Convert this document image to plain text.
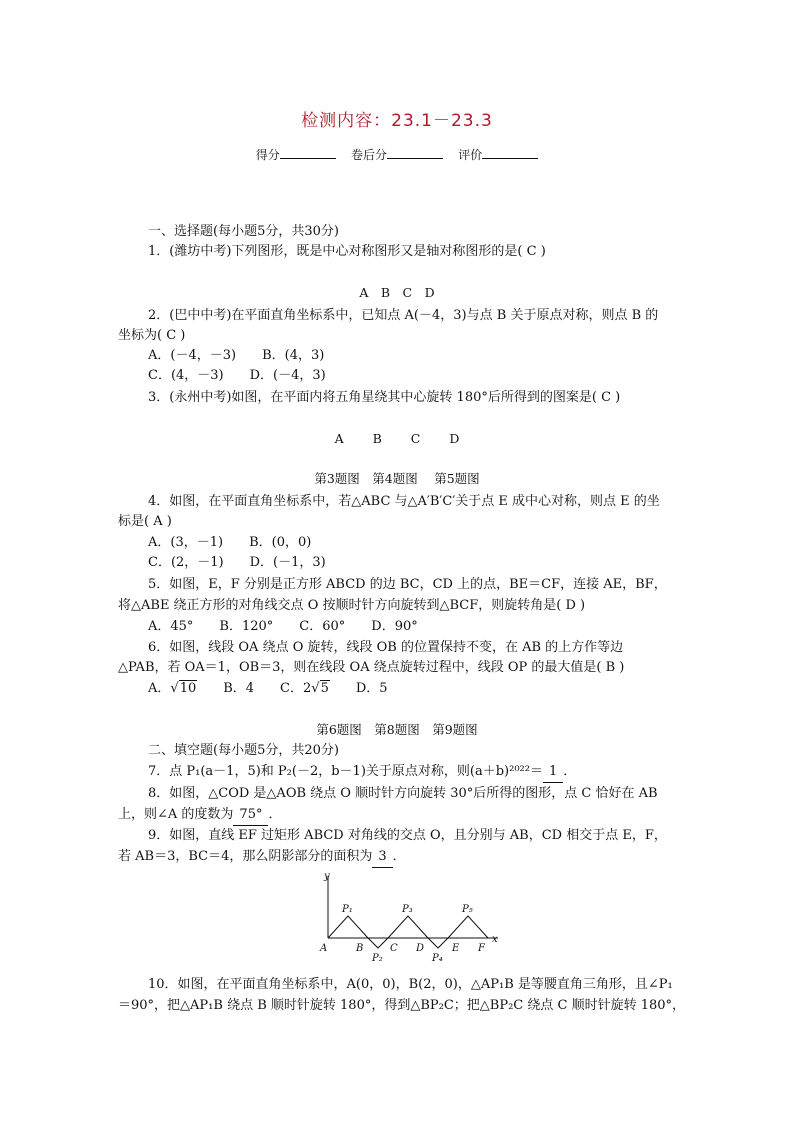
检测内容：23.1－23.3
得分	卷后分	评价
一、选择题(每小题5分，共30分)
1．(潍坊中考)下列图形，既是中心对称图形又是轴对称图形的是( C )
A　B　C　D
2．(巴中中考)在平面直角坐标系中，已知点 A(－4，3)与点 B 关于原点对称，则点 B 的
坐标为( C )
A．(－4，－3)　　B．(4，3)
C．(4，－3)　　D．(－4，3)
3．(永州中考)如图，在平面内将五角星绕其中心旋转 180°后所得到的图案是( C )
A　　 B　　 C　　 D
第3题图　第4题图　 第5题图
4．如图，在平面直角坐标系中，若△ABC 与△A′B′C′关于点 E 成中心对称，则点 E 的坐
标是( A )
A．(3，－1)　　B．(0，0)
C．(2，－1)　　D．(－1，3)
5．如图，E，F 分别是正方形 ABCD 的边 BC，CD 上的点，BE＝CF，连接 AE，BF，
将△ABE 绕正方形的对角线交点 O 按顺时针方向旋转到△BCF，则旋转角是( D )
A．45°　　B．120°　　C．60°　　D．90°
6．如图，线段 OA 绕点 O 旋转，线段 OB 的位置保持不变，在 AB 的上方作等边
△PAB，若 OA＝1，OB＝3，则在线段 OA 绕点旋转过程中，线段 OP 的最大值是( B )
A．√10　　B．4　　C．2√5　　D．5
第6题图　第8题图　第9题图
二、填空题(每小题5分，共20分)
7．点 P₁(a－1，5)和 P₂(－2，b－1)关于原点对称，则(a＋b)²⁰²²＝ 1 ．
8．如图，△COD 是△AOB 绕点 O 顺时针方向旋转 30°后所得的图形，点 C 恰好在 AB
上，则∠A 的度数为 75° ．
9．如图，直线 EF 过矩形 ABCD 对角线的交点 O，且分别与 AB，CD 相交于点 E，F，
若 AB＝3，BC＝4，那么阴影部分的面积为 3 ．
y
x
A	B	C D	E F
P₁
P₂
P₃
P₄
P₅
10．如图，在平面直角坐标系中，A(0，0)，B(2，0)，△AP₁B 是等腰直角三角形，且∠P₁
＝90°，把△AP₁B 绕点 B 顺时针旋转 180°，得到△BP₂C；把△BP₂C 绕点 C 顺时针旋转 180°，
